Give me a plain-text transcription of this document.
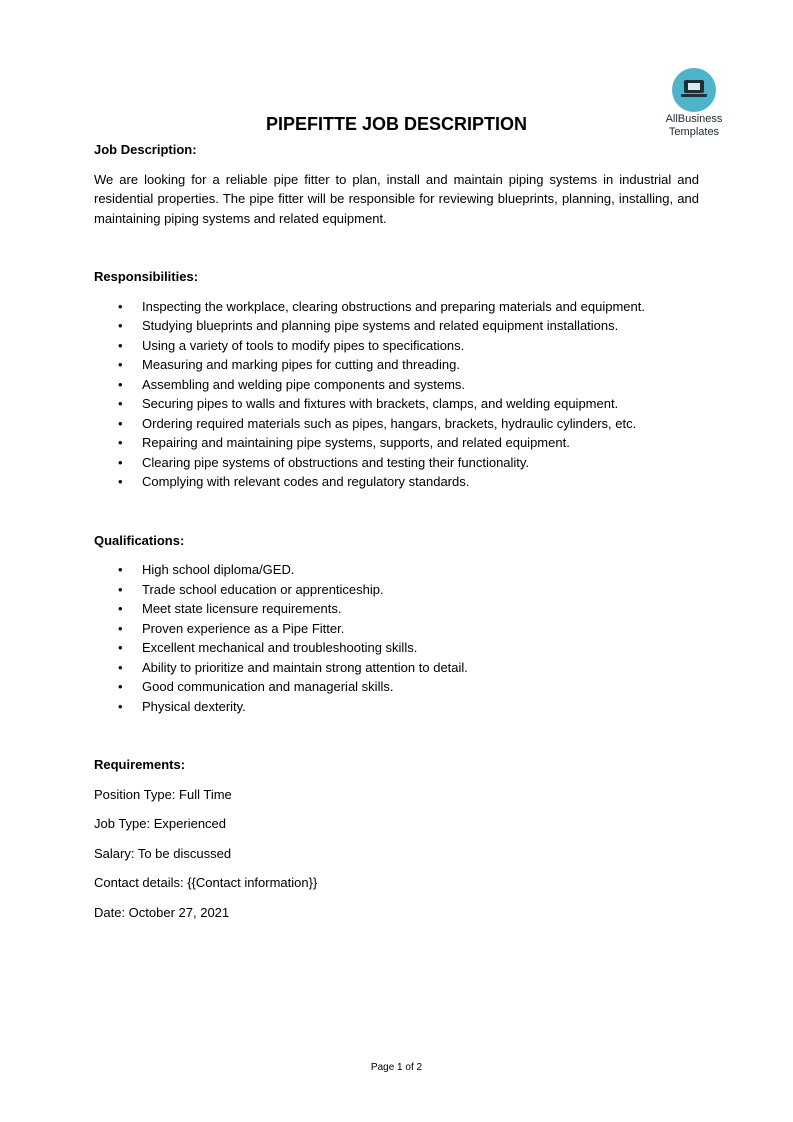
AllBusiness
Templates
PIPEFITTE JOB DESCRIPTION

Job Description:

We are looking for a reliable pipe fitter to plan, install and maintain piping systems in industrial and residential properties. The pipe fitter will be responsible for reviewing blueprints, planning, installing, and maintaining piping systems and related equipment.

Responsibilities:

• Inspecting the workplace, clearing obstructions and preparing materials and equipment.
• Studying blueprints and planning pipe systems and related equipment installations.
• Using a variety of tools to modify pipes to specifications.
• Measuring and marking pipes for cutting and threading.
• Assembling and welding pipe components and systems.
• Securing pipes to walls and fixtures with brackets, clamps, and welding equipment.
• Ordering required materials such as pipes, hangars, brackets, hydraulic cylinders, etc.
• Repairing and maintaining pipe systems, supports, and related equipment.
• Clearing pipe systems of obstructions and testing their functionality.
• Complying with relevant codes and regulatory standards.

Qualifications:

• High school diploma/GED.
• Trade school education or apprenticeship.
• Meet state licensure requirements.
• Proven experience as a Pipe Fitter.
• Excellent mechanical and troubleshooting skills.
• Ability to prioritize and maintain strong attention to detail.
• Good communication and managerial skills.
• Physical dexterity.

Requirements:

Position Type: Full Time

Job Type: Experienced

Salary: To be discussed

Contact details: {{Contact information}}

Date: October 27, 2021

Page 1 of 2
